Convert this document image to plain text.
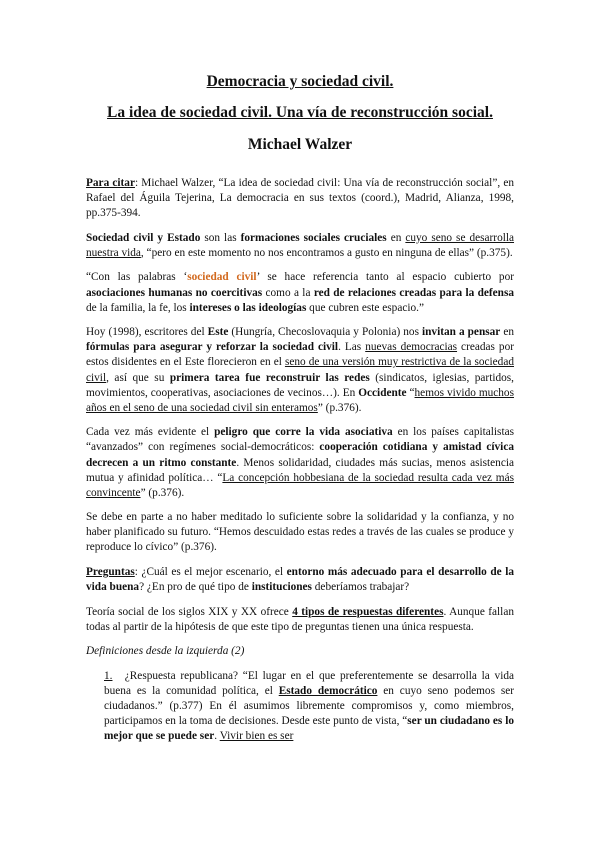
Democracia y sociedad civil.
La idea de sociedad civil. Una vía de reconstrucción social.
Michael Walzer

Para citar: Michael Walzer, “La idea de sociedad civil: Una vía de reconstrucción social”, en Rafael del Águila Tejerina, La democracia en sus textos (coord.), Madrid, Alianza, 1998, pp.375-394.

Sociedad civil y Estado son las formaciones sociales cruciales en cuyo seno se desarrolla nuestra vida, “pero en este momento no nos encontramos a gusto en ninguna de ellas” (p.375).

“Con las palabras ‘sociedad civil’ se hace referencia tanto al espacio cubierto por asociaciones humanas no coercitivas como a la red de relaciones creadas para la defensa de la familia, la fe, los intereses o las ideologías que cubren este espacio.”

Hoy (1998), escritores del Este (Hungría, Checoslovaquia y Polonia) nos invitan a pensar en fórmulas para asegurar y reforzar la sociedad civil. Las nuevas democracias creadas por estos disidentes en el Este florecieron en el seno de una versión muy restrictiva de la sociedad civil, así que su primera tarea fue reconstruir las redes (sindicatos, iglesias, partidos, movimientos, cooperativas, asociaciones de vecinos…). En Occidente “hemos vivido muchos años en el seno de una sociedad civil sin enteramos” (p.376).

Cada vez más evidente el peligro que corre la vida asociativa en los países capitalistas “avanzados” con regímenes social-democráticos: cooperación cotidiana y amistad cívica decrecen a un ritmo constante. Menos solidaridad, ciudades más sucias, menos asistencia mutua y afinidad política… “La concepción hobbesiana de la sociedad resulta cada vez más convincente” (p.376).

Se debe en parte a no haber meditado lo suficiente sobre la solidaridad y la confianza, y no haber planificado su futuro. “Hemos descuidado estas redes a través de las cuales se produce y reproduce lo cívico” (p.376).

Preguntas: ¿Cuál es el mejor escenario, el entorno más adecuado para el desarrollo de la vida buena? ¿En pro de qué tipo de instituciones deberíamos trabajar?

Teoría social de los siglos XIX y XX ofrece 4 tipos de respuestas diferentes. Aunque fallan todas al partir de la hipótesis de que este tipo de preguntas tienen una única respuesta.

Definiciones desde la izquierda (2)

1. ¿Respuesta republicana? “El lugar en el que preferentemente se desarrolla la vida buena es la comunidad política, el Estado democrático en cuyo seno podemos ser ciudadanos.” (p.377) En él asumimos libremente compromisos y, como miembros, participamos en la toma de decisiones. Desde este punto de vista, “ser un ciudadano es lo mejor que se puede ser. Vivir bien es ser
